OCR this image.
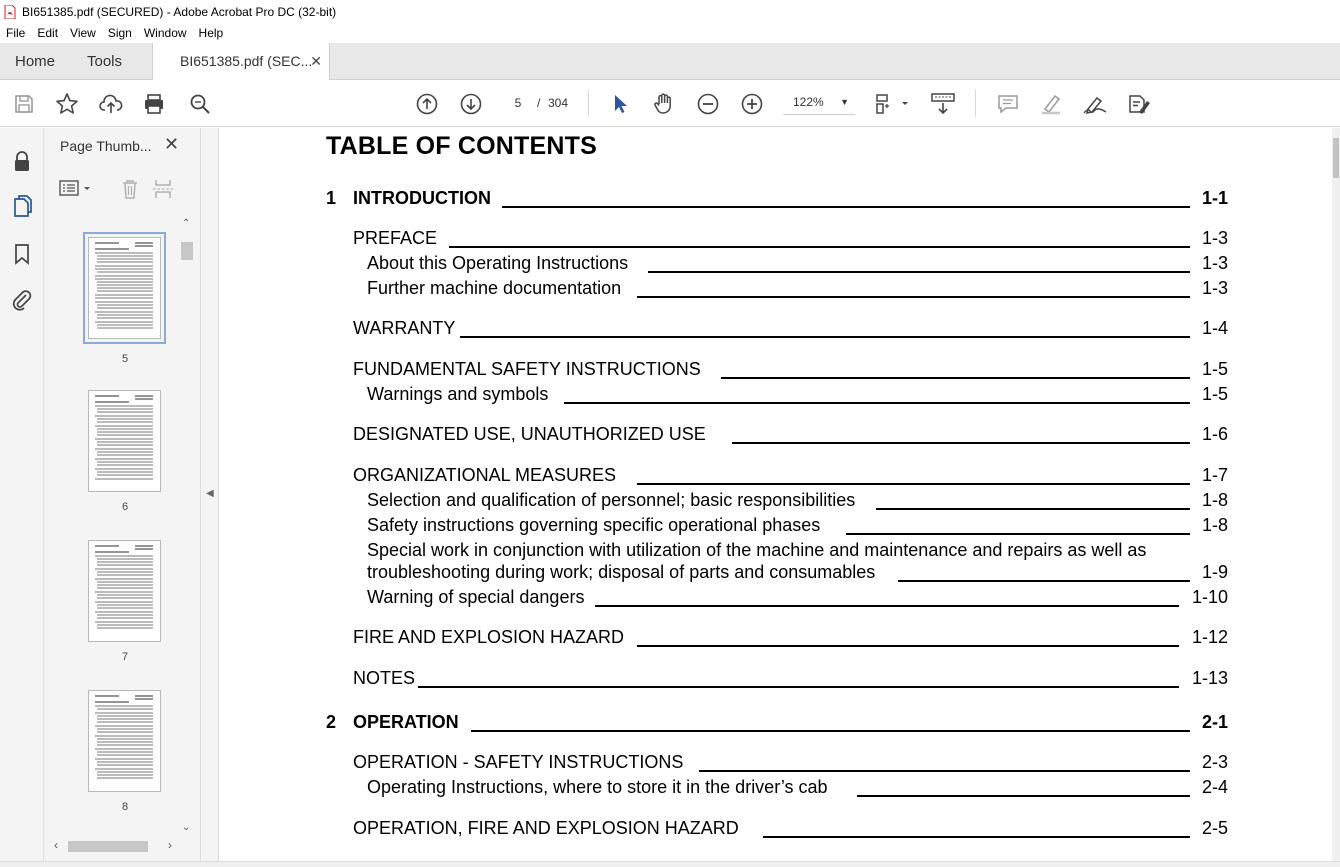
BI651385.pdf (SECURED) - Adobe Acrobat Pro DC (32-bit)
File	Edit	View	Sign	Window	Help
Home Tools	BI651385.pdf (SEC...
✕
5	/ 304	122% ▼
Page Thumb... ✕
5
6
7
8
⌃
⌄
‹	›
◀
TABLE OF CONTENTS
1 INTRODUCTION	1-1
PREFACE	1-3
About this Operating Instructions	1-3
Further machine documentation	1-3
WARRANTY	1-4
FUNDAMENTAL SAFETY INSTRUCTIONS	1-5
Warnings and symbols	1-5
DESIGNATED USE, UNAUTHORIZED USE	1-6
ORGANIZATIONAL MEASURES	1-7
Selection and qualification of personnel; basic responsibilities	1-8
Safety instructions governing specific operational phases	1-8
Special work in conjunction with utilization of the machine and maintenance and repairs as well as
troubleshooting during work; disposal of parts and consumables	1-9
Warning of special dangers	1-10
FIRE AND EXPLOSION HAZARD	1-12
NOTES	1-13
2 OPERATION	2-1
OPERATION - SAFETY INSTRUCTIONS	2-3
Operating Instructions, where to store it in the driver’s cab	2-4
OPERATION, FIRE AND EXPLOSION HAZARD	2-5
